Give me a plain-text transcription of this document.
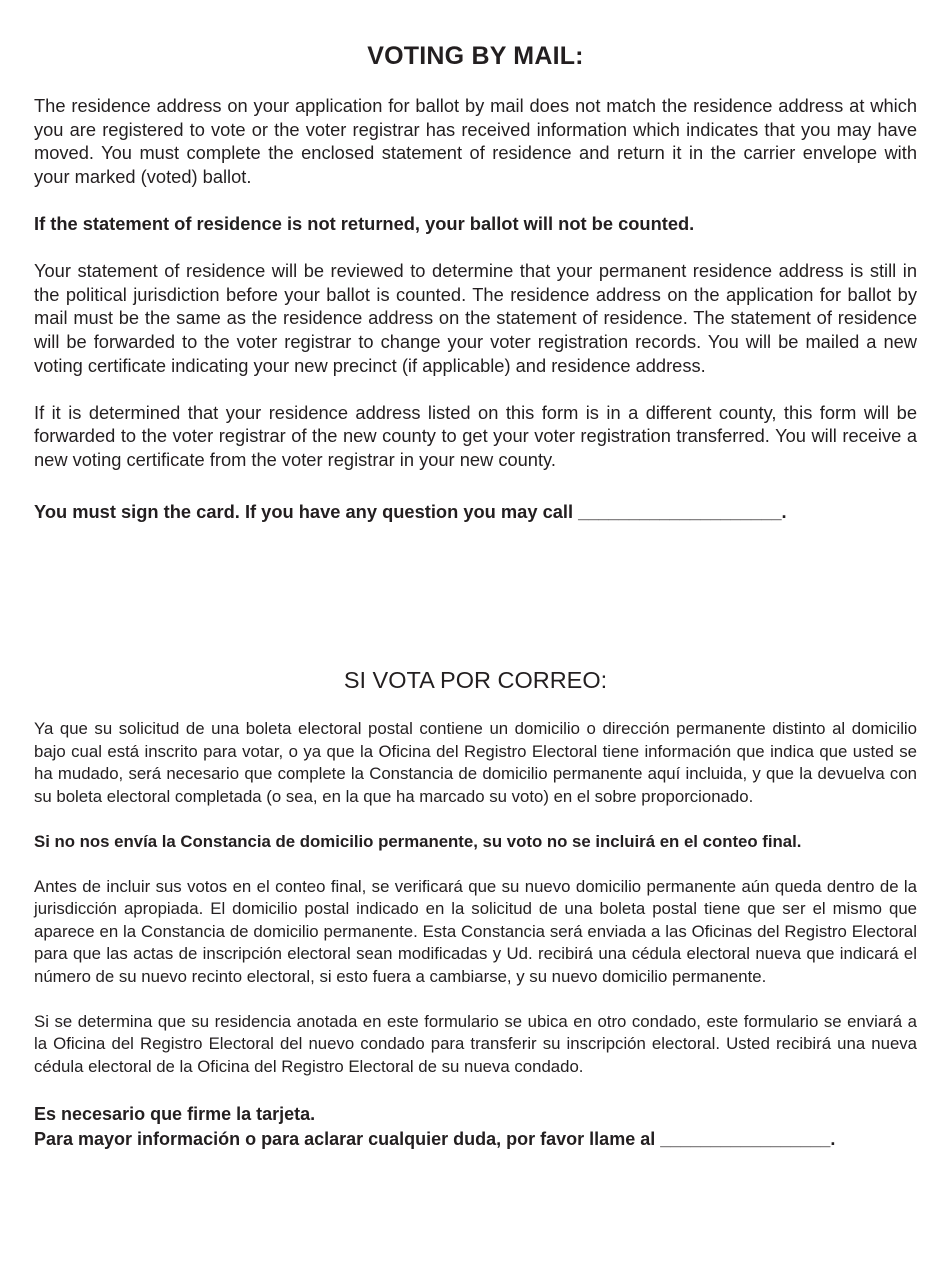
VOTING BY MAIL:

The residence address on your application for ballot by mail does not match the residence address at which you are registered to vote or the voter registrar has received information which indicates that you may have moved. You must complete the enclosed statement of residence and return it in the carrier envelope with your marked (voted) ballot.

If the statement of residence is not returned, your ballot will not be counted.

Your statement of residence will be reviewed to determine that your permanent residence address is still in the political jurisdiction before your ballot is counted. The residence address on the application for ballot by mail must be the same as the residence address on the statement of residence. The statement of residence will be forwarded to the voter registrar to change your voter registration records. You will be mailed a new voting certificate indicating your new precinct (if applicable) and residence address.

If it is determined that your residence address listed on this form is in a different county, this form will be forwarded to the voter registrar of the new county to get your voter registration transferred. You will receive a new voting certificate from the voter registrar in your new county.

You must sign the card. If you have any question you may call ____________________.

SI VOTA POR CORREO:

Ya que su solicitud de una boleta electoral postal contiene un domicilio o dirección permanente distinto al domicilio bajo cual está inscrito para votar, o ya que la Oficina del Registro Electoral tiene información que indica que usted se ha mudado, será necesario que complete la Constancia de domicilio permanente aquí incluida, y que la devuelva con su boleta electoral completada (o sea, en la que ha marcado su voto) en el sobre proporcionado.

Si no nos envía la Constancia de domicilio permanente, su voto no se incluirá en el conteo final.

Antes de incluir sus votos en el conteo final, se verificará que su nuevo domicilio permanente aún queda dentro de la jurisdicción apropiada. El domicilio postal indicado en la solicitud de una boleta postal tiene que ser el mismo que aparece en la Constancia de domicilio permanente. Esta Constancia será enviada a las Oficinas del Registro Electoral para que las actas de inscripción electoral sean modificadas y Ud. recibirá una cédula electoral nueva que indicará el número de su nuevo recinto electoral, si esto fuera a cambiarse, y su nuevo domicilio permanente.

Si se determina que su residencia anotada en este formulario se ubica en otro condado, este formulario se enviará a la Oficina del Registro Electoral del nuevo condado para transferir su inscripción electoral. Usted recibirá una nueva cédula electoral de la Oficina del Registro Electoral de su nueva condado.

Es necesario que firme la tarjeta.
Para mayor información o para aclarar cualquier duda, por favor llame al _________________.
